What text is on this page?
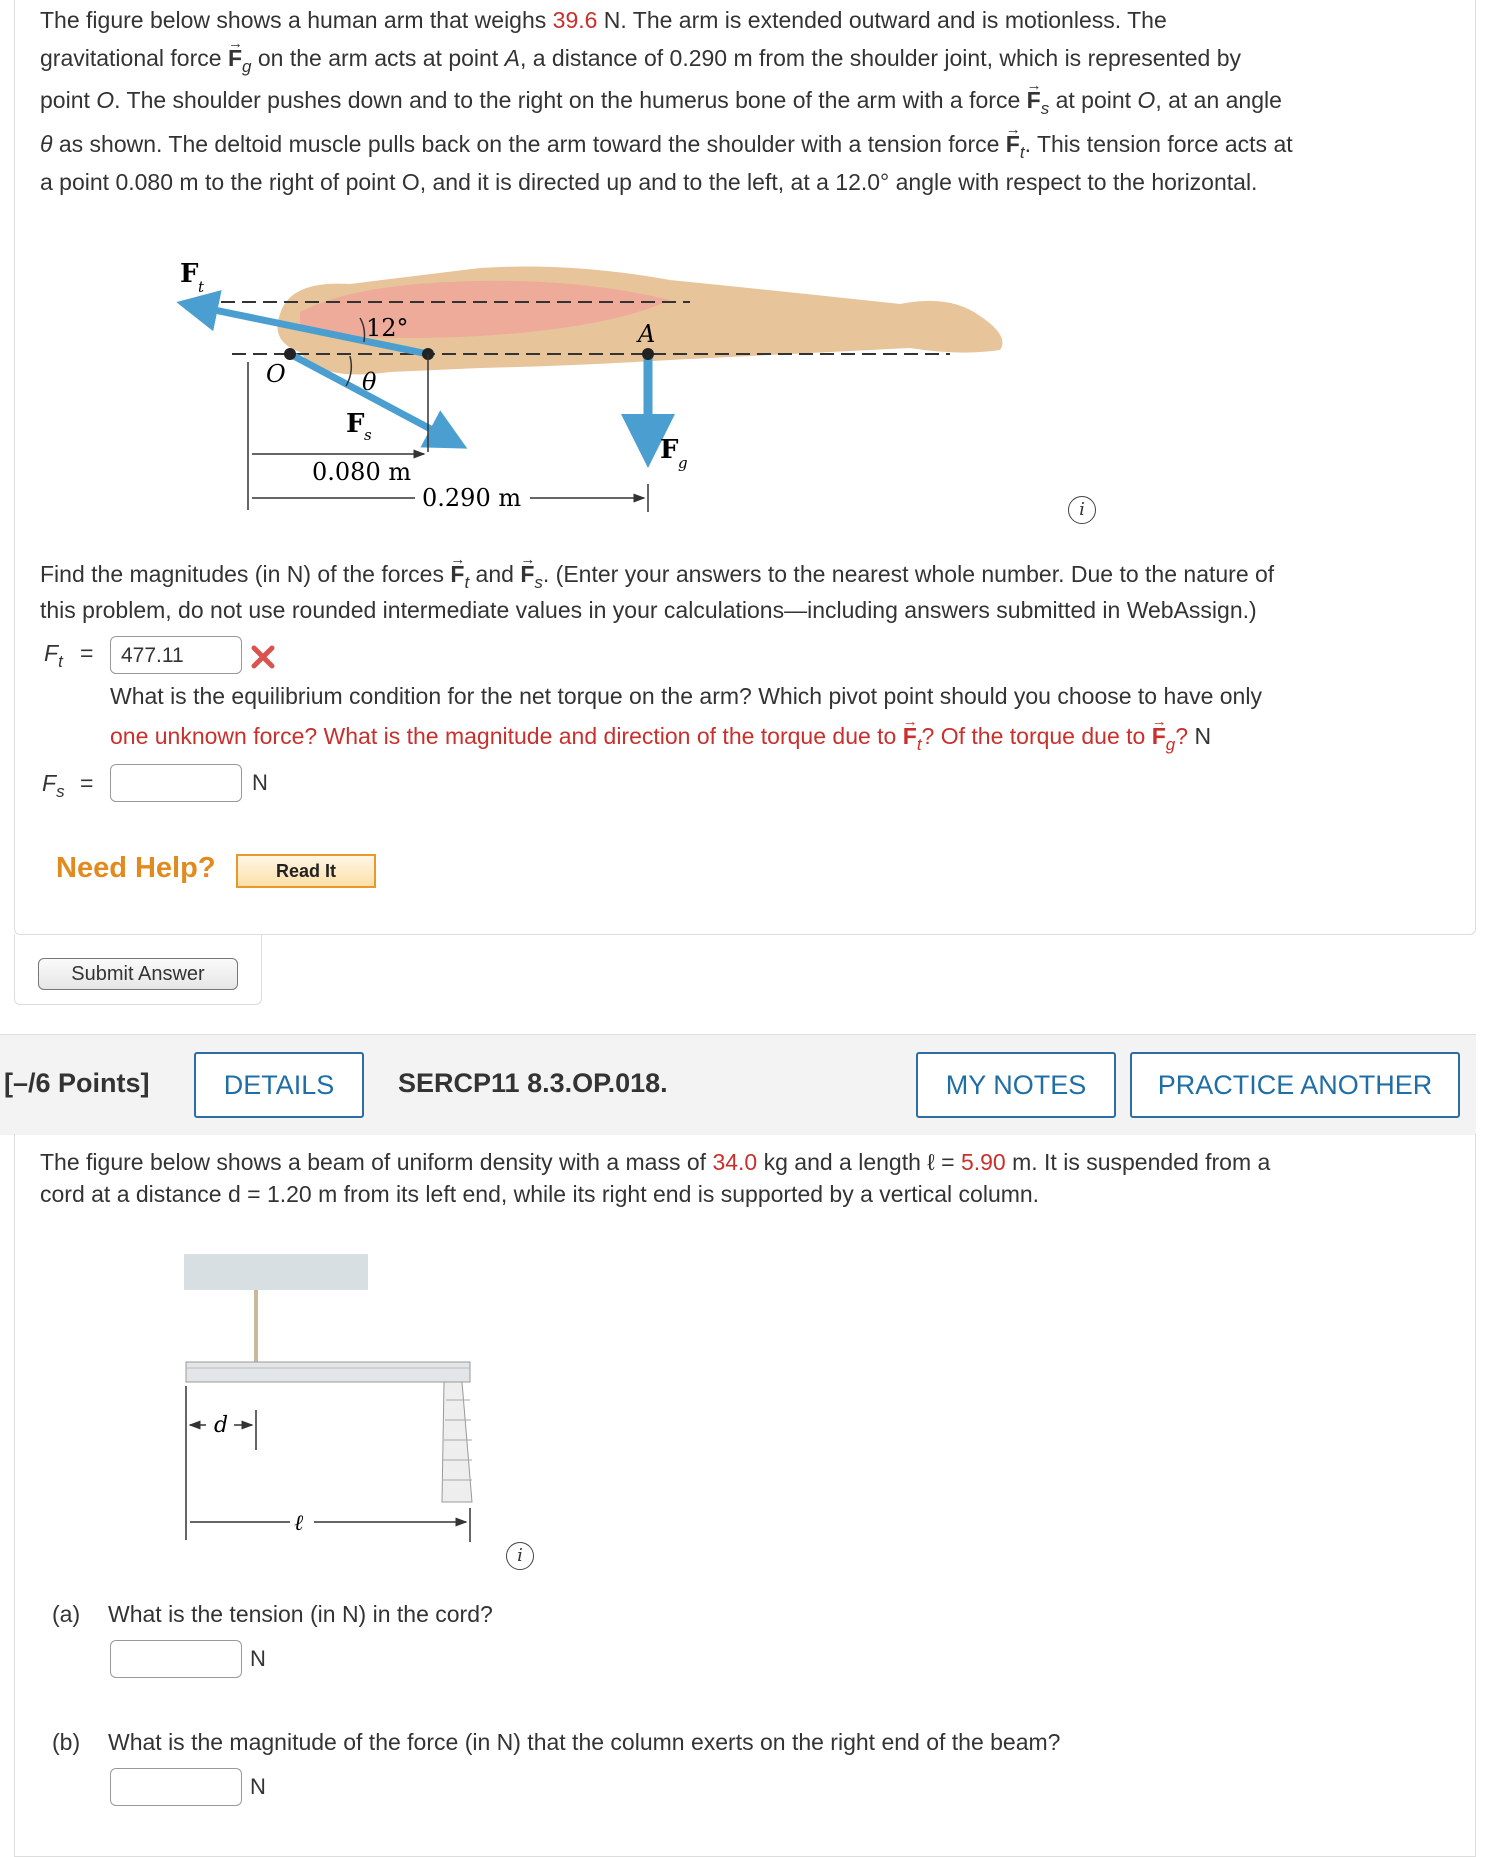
The figure below shows a human arm that weighs 39.6 N. The arm is extended outward and is motionless. The
gravitational force → $F_g$ on the arm acts at point A, a distance of 0.290 m from the shoulder joint, which is represented by
point O. The shoulder pushes down and to the right on the humerus bone of the arm with a force → $F_s$ at point O, at an angle
θ as shown. The deltoid muscle pulls back on the arm toward the shoulder with a tension force → $F_t$. This tension force acts at
a point 0.080 m to the right of point O, and it is directed up and to the left, at a 12.0° angle with respect to the horizontal.
F t
12°
O	θ
F s
A
F g
0.080 m
0.290 m	i
Find the magnitudes (in N) of the forces → $F_t$ and → $F_s$. (Enter your answers to the nearest whole number. Due to the nature of
this problem, do not use rounded intermediate values in your calculations—including answers submitted in WebAssign.)
$F_t$ =	477.11
What is the equilibrium condition for the net torque on the arm? Which pivot point should you choose to have only
one unknown force? What is the magnitude and direction of the torque due to → $F_t$? Of the torque due to → $F_g$? N
$F_s$ =	N
Need Help?	Read It
Submit Answer
[–/6 Points]	DETAILS	SERCP11 8.3.OP.018.	MY NOTES	PRACTICE ANOTHER
The figure below shows a beam of uniform density with a mass of 34.0 kg and a length ℓ = 5.90 m. It is suspended from a
cord at a distance d = 1.20 m from its left end, while its right end is supported by a vertical column.
d
ℓ
i
(a) What is the tension (in N) in the cord?
N
(b) What is the magnitude of the force (in N) that the column exerts on the right end of the beam?
N
